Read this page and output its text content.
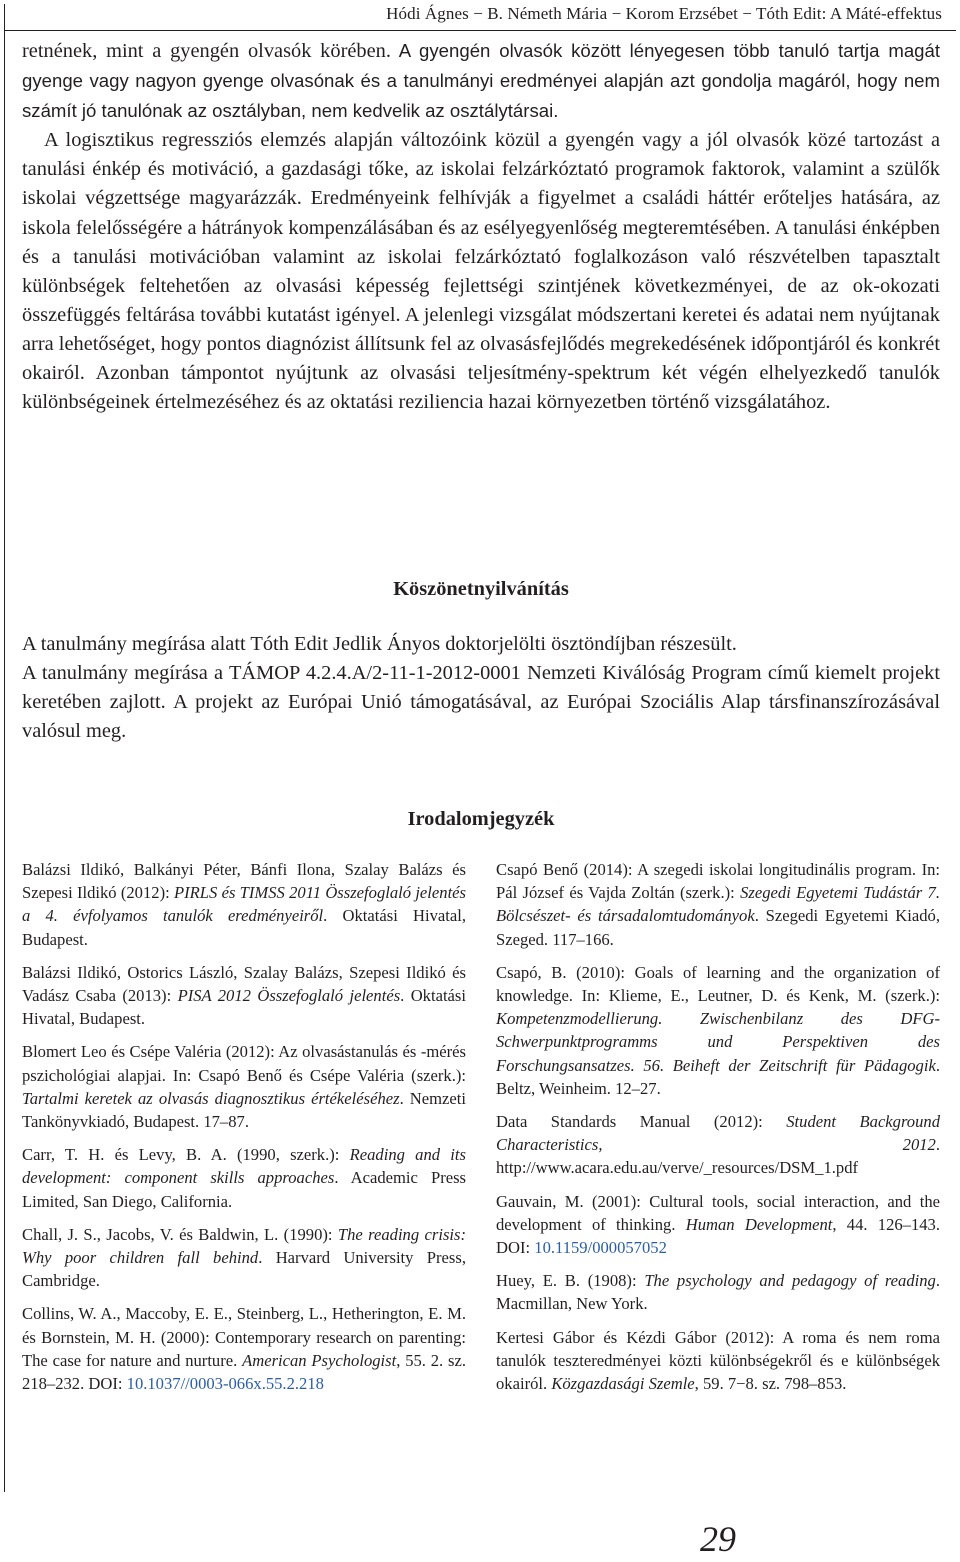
Hódi Ágnes − B. Németh Mária − Korom Erzsébet − Tóth Edit: A Máté-effektus

retnének, mint a gyengén olvasók körében. A gyengén olvasók között lényegesen több tanuló tartja magát gyenge vagy nagyon gyenge olvasónak és a tanulmányi eredményei alapján azt gondolja magáról, hogy nem számít jó tanulónak az osztályban, nem kedvelik az osztálytársai.

A logisztikus regressziós elemzés alapján változóink közül a gyengén vagy a jól olvasók közé tartozást a tanulási énkép és motiváció, a gazdasági tőke, az iskolai felzárkóztató programok faktorok, valamint a szülők iskolai végzettsége magyarázzák. Eredményeink felhívják a figyelmet a családi háttér erőteljes hatására, az iskola felelősségére a hátrányok kompenzálásában és az esélyegyenlőség megteremtésében. A tanulási énképben és a tanulási motivációban valamint az iskolai felzárkóztató foglalkozáson való részvételben tapasztalt különbségek feltehetően az olvasási képesség fejlettségi szintjének következményei, de az ok-okozati összefüggés feltárása további kutatást igényel. A jelenlegi vizsgálat módszertani keretei és adatai nem nyújtanak arra lehetőséget, hogy pontos diagnózist állítsunk fel az olvasásfejlődés megrekedésének időpontjáról és konkrét okairól. Azonban támpontot nyújtunk az olvasási teljesítmény-spektrum két végén elhelyezkedő tanulók különbségeinek értelmezéséhez és az oktatási reziliencia hazai környezetben történő vizsgálatához.

Köszönetnyilvánítás

A tanulmány megírása alatt Tóth Edit Jedlik Ányos doktorjelölti ösztöndíjban részesült.

A tanulmány megírása a TÁMOP 4.2.4.A/2-11-1-2012-0001 Nemzeti Kiválóság Program című kiemelt projekt keretében zajlott. A projekt az Európai Unió támogatásával, az Európai Szociális Alap társfinanszírozásával valósul meg.

Irodalomjegyzék

Balázsi Ildikó, Balkányi Péter, Bánfi Ilona, Szalay Balázs és Szepesi Ildikó (2012): PIRLS és TIMSS 2011 Összefoglaló jelentés a 4. évfolyamos tanulók eredményeiről. Oktatási Hivatal, Budapest.

Balázsi Ildikó, Ostorics László, Szalay Balázs, Szepesi Ildikó és Vadász Csaba (2013): PISA 2012 Összefoglaló jelentés. Oktatási Hivatal, Budapest.

Blomert Leo és Csépe Valéria (2012): Az olvasástanulás és -mérés pszichológiai alapjai. In: Csapó Benő és Csépe Valéria (szerk.): Tartalmi keretek az olvasás diagnosztikus értékeléséhez. Nemzeti Tankönyvkiadó, Budapest. 17–87.

Carr, T. H. és Levy, B. A. (1990, szerk.): Reading and its development: component skills approaches. Academic Press Limited, San Diego, California.

Chall, J. S., Jacobs, V. és Baldwin, L. (1990): The reading crisis: Why poor children fall behind. Harvard University Press, Cambridge.

Collins, W. A., Maccoby, E. E., Steinberg, L., Hetherington, E. M. és Bornstein, M. H. (2000): Contemporary research on parenting: The case for nature and nurture. American Psychologist, 55. 2. sz. 218–232. DOI: 10.1037//0003-066x.55.2.218

Csapó Benő (2014): A szegedi iskolai longitudinális program. In: Pál József és Vajda Zoltán (szerk.): Szegedi Egyetemi Tudástár 7. Bölcsészet- és társadalomtudományok. Szegedi Egyetemi Kiadó, Szeged. 117–166.

Csapó, B. (2010): Goals of learning and the organization of knowledge. In: Klieme, E., Leutner, D. és Kenk, M. (szerk.): Kompetenzmodellierung. Zwischenbilanz des DFG-Schwerpunktprogramms und Perspektiven des Forschungsansatzes. 56. Beiheft der Zeitschrift für Pädagogik. Beltz, Weinheim. 12–27.

Data Standards Manual (2012): Student Background Characteristics, 2012. http://www.acara.edu.au/verve/_resources/DSM_1.pdf

Gauvain, M. (2001): Cultural tools, social interaction, and the development of thinking. Human Development, 44. 126–143. DOI: 10.1159/000057052

Huey, E. B. (1908): The psychology and pedagogy of reading. Macmillan, New York.

Kertesi Gábor és Kézdi Gábor (2012): A roma és nem roma tanulók teszteredményei közti különbségekről és e különbségek okairól. Közgazdasági Szemle, 59. 7−8. sz. 798–853.

29
